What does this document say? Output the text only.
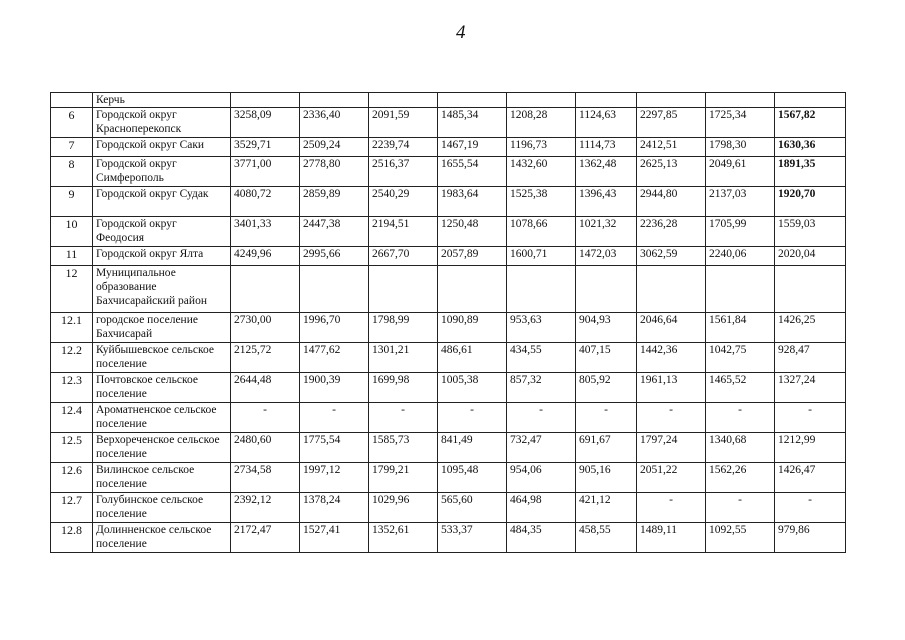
4
	Керчь									
6	Городской округ Красноперекопск	3258,09	2336,40	2091,59	1485,34	1208,28	1124,63	2297,85	1725,34	1567,82
7	Городской округ Саки	3529,71	2509,24	2239,74	1467,19	1196,73	1114,73	2412,51	1798,30	1630,36
8	Городской округ Симферополь	3771,00	2778,80	2516,37	1655,54	1432,60	1362,48	2625,13	2049,61	1891,35
9	Городской округ Судак	4080,72	2859,89	2540,29	1983,64	1525,38	1396,43	2944,80	2137,03	1920,70
10	Городской округ Феодосия	3401,33	2447,38	2194,51	1250,48	1078,66	1021,32	2236,28	1705,99	1559,03
11	Городской округ Ялта	4249,96	2995,66	2667,70	2057,89	1600,71	1472,03	3062,59	2240,06	2020,04
12	Муниципальное образование Бахчисарайский район									
12.1	городское поселение Бахчисарай	2730,00	1996,70	1798,99	1090,89	953,63	904,93	2046,64	1561,84	1426,25
12.2	Куйбышевское сельское поселение	2125,72	1477,62	1301,21	486,61	434,55	407,15	1442,36	1042,75	928,47
12.3	Почтовское сельское поселение	2644,48	1900,39	1699,98	1005,38	857,32	805,92	1961,13	1465,52	1327,24
12.4	Ароматненское сельское поселение	-	-	-	-	-	-	-	-	-
12.5	Верхореченское сельское поселение	2480,60	1775,54	1585,73	841,49	732,47	691,67	1797,24	1340,68	1212,99
12.6	Вилинское сельское поселение	2734,58	1997,12	1799,21	1095,48	954,06	905,16	2051,22	1562,26	1426,47
12.7	Голубинское сельское поселение	2392,12	1378,24	1029,96	565,60	464,98	421,12	-	-	-
12.8	Долинненское сельское поселение	2172,47	1527,41	1352,61	533,37	484,35	458,55	1489,11	1092,55	979,86
